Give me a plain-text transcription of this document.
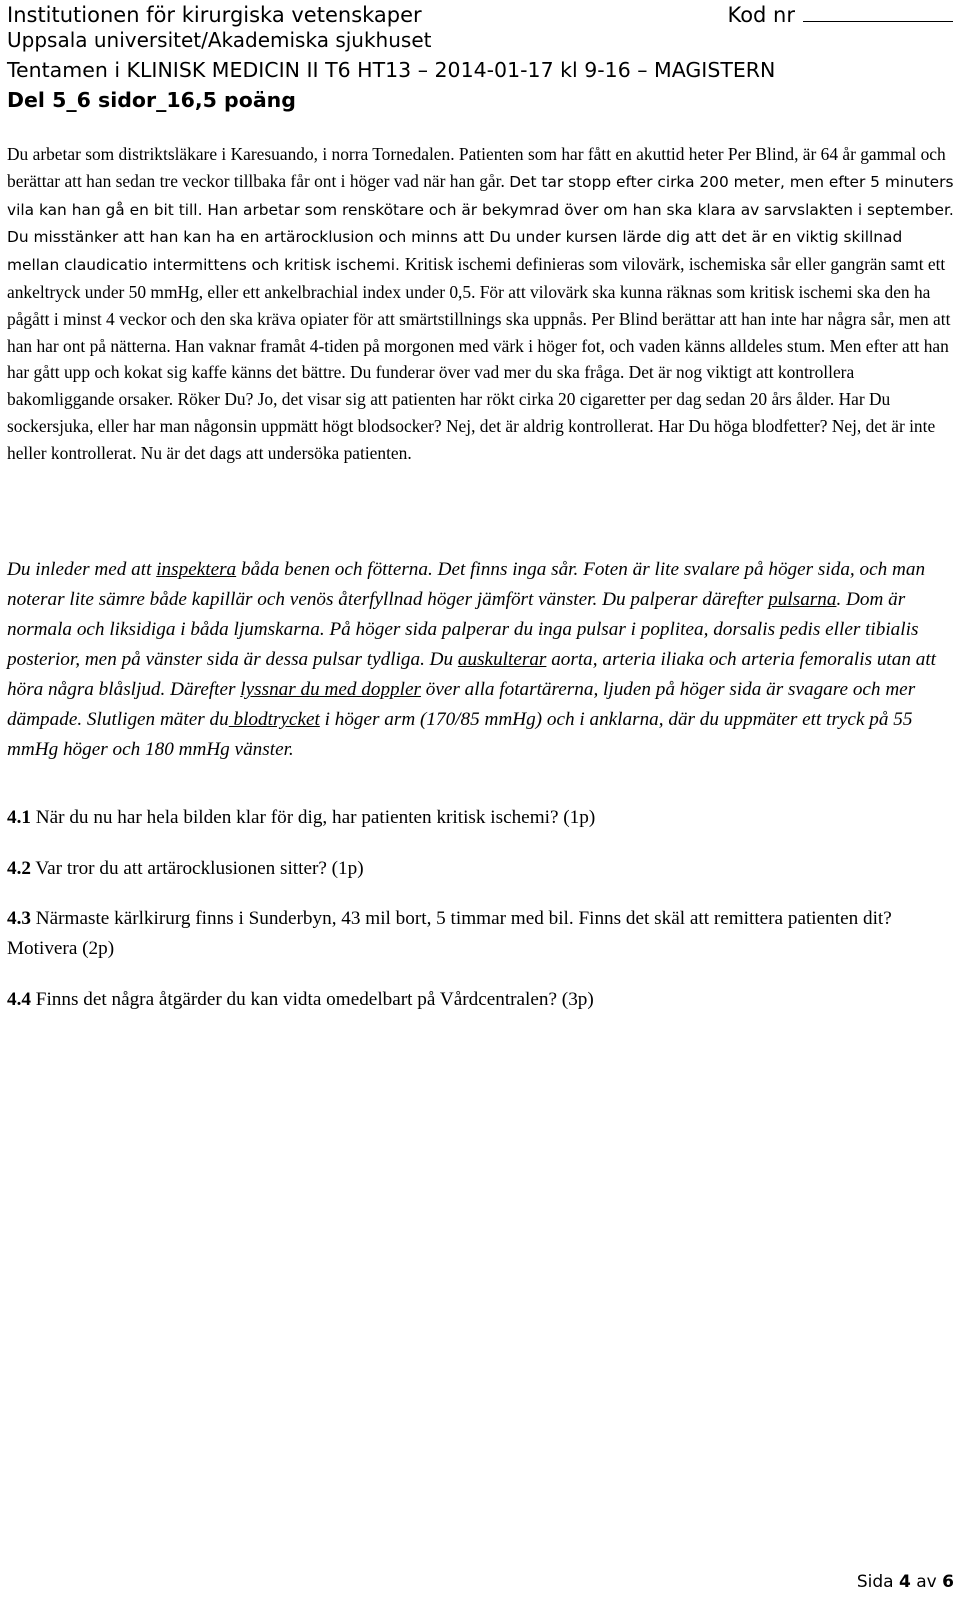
Institutionen för kirurgiska vetenskaper	Kod nr
Uppsala universitet/Akademiska sjukhuset
Tentamen i KLINISK MEDICIN II T6 HT13 – 2014-01-17 kl 9-16 – MAGISTERN
Del 5_6 sidor_16,5 poäng

Du arbetar som distriktsläkare i Karesuando, i norra Tornedalen. Patienten som har fått en akuttid heter Per Blind, är 64 år gammal och berättar att han sedan tre veckor tillbaka får ont i höger vad när han går. Det tar stopp efter cirka 200 meter, men efter 5 minuters vila kan han gå en bit till. Han arbetar som renskötare och är bekymrad över om han ska klara av sarvslakten i september. Du misstänker att han kan ha en artärocklusion och minns att Du under kursen lärde dig att det är en viktig skillnad mellan claudicatio intermittens och kritisk ischemi. Kritisk ischemi definieras som vilovärk, ischemiska sår eller gangrän samt ett ankeltryck under 50 mmHg, eller ett ankelbrachial index under 0,5. För att vilovärk ska kunna räknas som kritisk ischemi ska den ha pågått i minst 4 veckor och den ska kräva opiater för att smärtstillnings ska uppnås. Per Blind berättar att han inte har några sår, men att han har ont på nätterna. Han vaknar framåt 4-tiden på morgonen med värk i höger fot, och vaden känns alldeles stum. Men efter att han har gått upp och kokat sig kaffe känns det bättre. Du funderar över vad mer du ska fråga. Det är nog viktigt att kontrollera bakomliggande orsaker. Röker Du? Jo, det visar sig att patienten har rökt cirka 20 cigaretter per dag sedan 20 års ålder. Har Du sockersjuka, eller har man någonsin uppmätt högt blodsocker? Nej, det är aldrig kontrollerat. Har Du höga blodfetter? Nej, det är inte heller kontrollerat. Nu är det dags att undersöka patienten.

Du inleder med att inspektera båda benen och fötterna. Det finns inga sår. Foten är lite svalare på höger sida, och man noterar lite sämre både kapillär och venös återfyllnad höger jämfört vänster. Du palperar därefter pulsarna. Dom är normala och liksidiga i båda ljumskarna. På höger sida palperar du inga pulsar i poplitea, dorsalis pedis eller tibialis posterior, men på vänster sida är dessa pulsar tydliga. Du auskulterar aorta, arteria iliaka och arteria femoralis utan att höra några blåsljud. Därefter lyssnar du med doppler över alla fotartärerna, ljuden på höger sida är svagare och mer dämpade. Slutligen mäter du blodtrycket i höger arm (170/85 mmHg) och i anklarna, där du uppmäter ett tryck på 55 mmHg höger och 180 mmHg vänster.

4.1 När du nu har hela bilden klar för dig, har patienten kritisk ischemi? (1p)

4.2 Var tror du att artärocklusionen sitter? (1p)

4.3 Närmaste kärlkirurg finns i Sunderbyn, 43 mil bort, 5 timmar med bil. Finns det skäl att remittera patienten dit? Motivera (2p)

4.4 Finns det några åtgärder du kan vidta omedelbart på Vårdcentralen? (3p)

Sida 4 av 6
